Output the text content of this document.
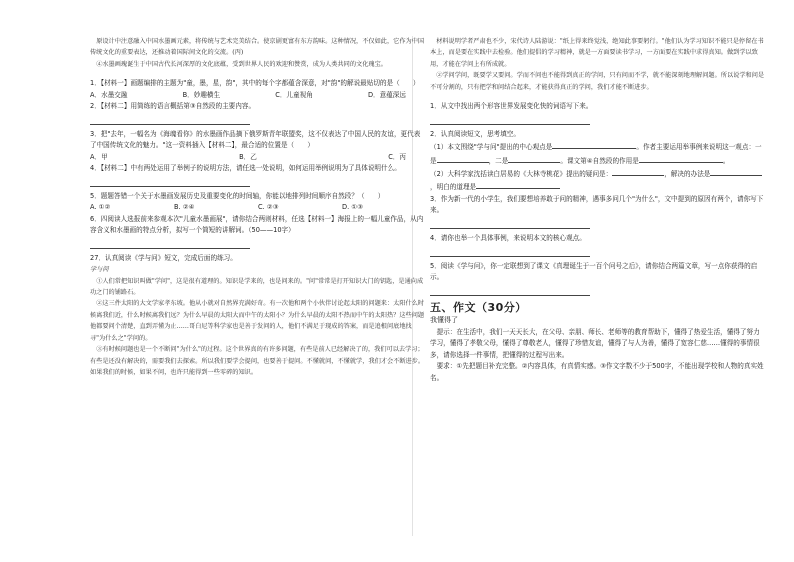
原设计中注意融入中国水墨画元素，将传统与艺术完美结合。使京剧更富有东方韵味。这种情况，不仅如此，它作为中国传统文化的重要表达，还推动着国际间文化的交流。(丙)

④水墨画瑰诞生于中国古代长河深厚的文化底蕴，受到世界人民的欢迎和赞赏，成为人类共同的文化瑰宝。

1．【材料一】画题编排的主题为"童，墨，星，韵"，其中的每个字都蕴含深意，对"韵"的解说最贴切的是（　　）

A．水墨交融	B．妙趣横生	C．儿童视角	D．意蕴深远

2．【材料二】用简练的语言概括第③自然段的主要内容。

3．把"去年，一幅名为《海魂看你》的水墨画作品摘下俄罗斯青年联盟奖，这不仅表达了中国人民的友谊，更代表了中国传统文化的魅力。"这一资料插入【材料二】，最合适的位置是（　　）

A．甲	B．乙	C．丙

4．【材料二】中有两处运用了举例子的说明方法，请任选一处说明，如何运用举例说明为了具体说明什么。

5．题题答错一个关于水墨画发展历史及重要变化的时间轴，你能以地排列时间顺序自然段？（　　）

A. ①②	B. ②④	C. ②③	D. ①③

6．四阅读人选报前来参观本次"儿童水墨画展"，请你结合两则材料，任选【材料一】海报上的一幅儿童作品，从内容含义和水墨画的特点分析，拟写一个简短的讲解词。（50——10字）

27．认真阅读《学与问》短文，完成后面的练习。

学与问

①人们常把知识叫做"学问"，这是很有道理的。知识是学来的，也是问来的。"问"常常是打开知识大门的钥匙，是通向成功之门的铺路石。

②这三件太阳的大文学家孝东坡。他从小就对自然界充满好奇。有一次他和两个小伙伴讨论起太阳的问题来：太阳什么时候离我们近，什么时候离我们远？为什么早晨的太阳大而中午的太阳小？为什么早晨的太阳不热而中午的太阳热？这些问题他都要问个清楚，直到弄懂为止……哥白尼等科学家也是善于发问的人，他们不满足于现成的答案，而是追根问底地找寻"为什么之"学问的。

③有时候问题也是一个不断问"为什么"的过程。这个世界真的有许多问题，有些是前人已经解决了的，我们可以去学习；有些是还没有解决的，需要我们去探索。所以我们要学会提问，也要善于提问。不懂就问，不懂就学，我们才会不断进步。如果我们的时候，如果不问，也许只能得到一些零碎的知识。

材料说明学者严肃也不少，宋代诗人陆游说："纸上得来终觉浅，绝知此事要躬行。"他们认为学习知识不能只是停留在书本上，而是要在实践中去检验。他们提倡的学习精神，就是一方面要读书学习，一方面要在实践中求得真知。做到学以致用，才能在学问上有所成就。

②学问学问，既要学又要问。学而不问也不能得到真正的学问，只有问而不学，就不能深刻地理解问题。所以说学和问是不可分割的，只有把学和问结合起来，才能获得真正的学问，我们才能不断进步。

1．从文中找出两个形容世界发展变化快的词语写下来。

2．认真阅读短文，思考填空。

（1）本文围绕"学与问"提出的中心观点是	。作者主要运用举事例来说明这一观点：一是	，二是	。课文第④自然段的作用是	。

（2）大科学家沈括读白居易的《大林寺桃花》提出的疑问是：	，解决的办法是，明白的道理是

3．作为新一代的小学生，我们要想培养敢于问的精神，遇事多问几个"为什么"，文中提到的原因有两个，请你写下来。

4．请你也举一个具体事例，来说明本文的核心观点。

5．阅读《学与问》，你一定联想到了课文《真理诞生于一百个问号之后》，请你结合两篇文章，写一点你获得的启示。

五、作文（30分）

我懂得了

提示：在生活中，我们一天天长大，在父母、亲朋、师长、老师等的教育帮助下，懂得了热爱生活，懂得了努力学习，懂得了孝敬父母，懂得了尊敬老人，懂得了珍惜友谊，懂得了与人为善，懂得了宽容仁慈……懂得的事情很多，请你选择一件事情，把懂得的过程写出来。

要求：①先把题目补充完整。②内容具体，有真情实感。③作文字数不少于500字，不能出现学校和人物的真实姓名。
